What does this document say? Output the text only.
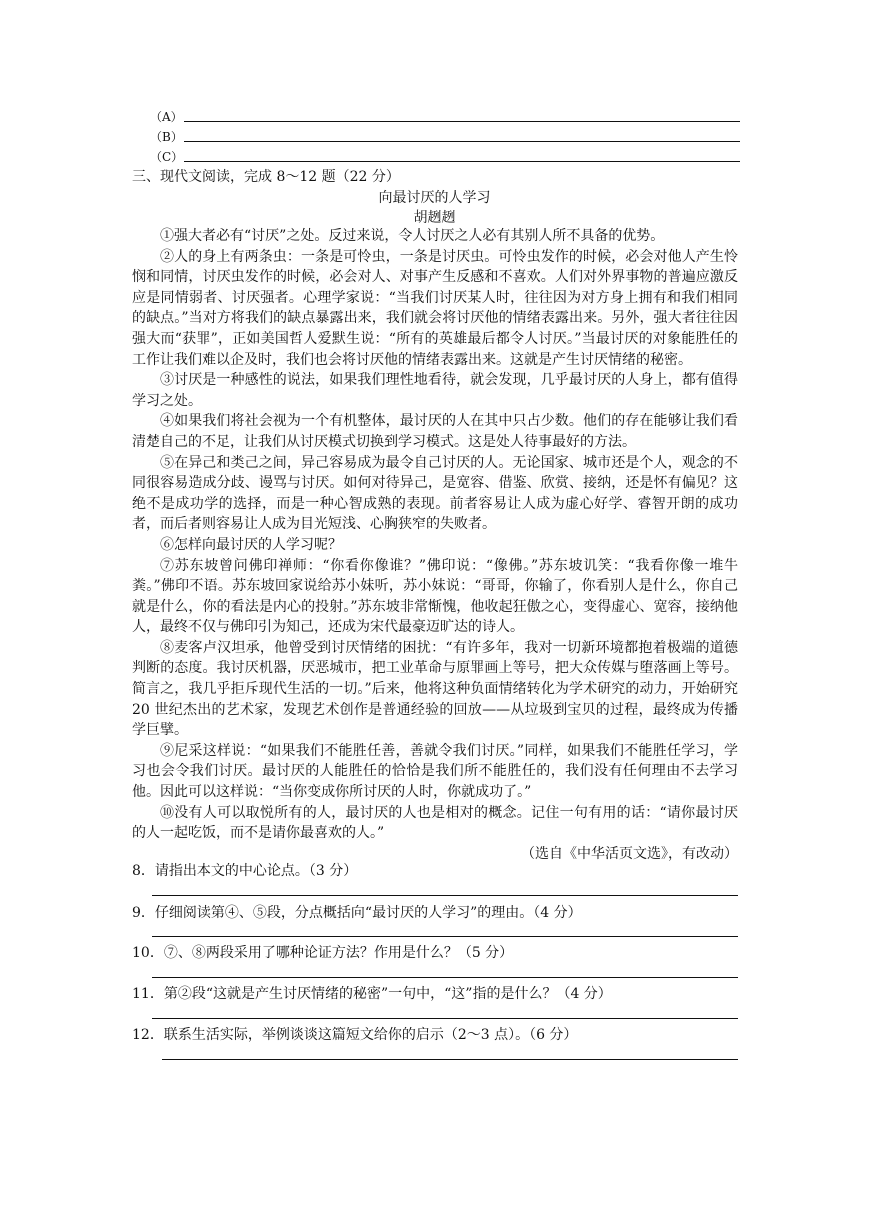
（A）
（B）
（C）
三、现代文阅读，完成 8～12 题（22 分）
向最讨厌的人学习
胡趔趔

①强大者必有“讨厌”之处。反过来说，令人讨厌之人必有其别人所不具备的优势。

②人的身上有两条虫：一条是可怜虫，一条是讨厌虫。可怜虫发作的时候，必会对他人产生怜悯和同情，讨厌虫发作的时候，必会对人、对事产生反感和不喜欢。人们对外界事物的普遍应激反应是同情弱者、讨厌强者。心理学家说：“当我们讨厌某人时，往往因为对方身上拥有和我们相同的缺点。”当对方将我们的缺点暴露出来，我们就会将讨厌他的情绪表露出来。另外，强大者往往因强大而“获罪”，正如美国哲人爱默生说：“所有的英雄最后都令人讨厌。”当最讨厌的对象能胜任的工作让我们难以企及时，我们也会将讨厌他的情绪表露出来。这就是产生讨厌情绪的秘密。

③讨厌是一种感性的说法，如果我们理性地看待，就会发现，几乎最讨厌的人身上，都有值得学习之处。

④如果我们将社会视为一个有机整体，最讨厌的人在其中只占少数。他们的存在能够让我们看清楚自己的不足，让我们从讨厌模式切换到学习模式。这是处人待事最好的方法。

⑤在异己和类己之间，异己容易成为最令自己讨厌的人。无论国家、城市还是个人，观念的不同很容易造成分歧、谩骂与讨厌。如何对待异己，是宽容、借鉴、欣赏、接纳，还是怀有偏见？这绝不是成功学的选择，而是一种心智成熟的表现。前者容易让人成为虚心好学、睿智开朗的成功者，而后者则容易让人成为目光短浅、心胸狭窄的失败者。

⑥怎样向最讨厌的人学习呢？

⑦苏东坡曾问佛印禅师：“你看你像谁？”佛印说：“像佛。”苏东坡讥笑：“我看你像一堆牛粪。”佛印不语。苏东坡回家说给苏小妹听，苏小妹说：“哥哥，你输了，你看别人是什么，你自己就是什么，你的看法是内心的投射。”苏东坡非常惭愧，他收起狂傲之心，变得虚心、宽容，接纳他人，最终不仅与佛印引为知己，还成为宋代最豪迈旷达的诗人。

⑧麦客卢汉坦承，他曾受到讨厌情绪的困扰：“有许多年，我对一切新环境都抱着极端的道德判断的态度。我讨厌机器，厌恶城市，把工业革命与原罪画上等号，把大众传媒与堕落画上等号。简言之，我几乎拒斥现代生活的一切。”后来，他将这种负面情绪转化为学术研究的动力，开始研究 20 世纪杰出的艺术家，发现艺术创作是普通经验的回放——从垃圾到宝贝的过程，最终成为传播学巨擘。

⑨尼采这样说：“如果我们不能胜任善，善就令我们讨厌。”同样，如果我们不能胜任学习，学习也会令我们讨厌。最讨厌的人能胜任的恰恰是我们所不能胜任的，我们没有任何理由不去学习他。因此可以这样说：“当你变成你所讨厌的人时，你就成功了。”

⑩没有人可以取悦所有的人，最讨厌的人也是相对的概念。记住一句有用的话：“请你最讨厌的人一起吃饭，而不是请你最喜欢的人。”

（选自《中华活页文选》，有改动）

8．请指出本文的中心论点。（3 分）
9．仔细阅读第④、⑤段，分点概括向“最讨厌的人学习”的理由。（4 分）
10．⑦、⑧两段采用了哪种论证方法？作用是什么？（5 分）
11．第②段“这就是产生讨厌情绪的秘密”一句中，“这”指的是什么？（4 分）
12．联系生活实际，举例谈谈这篇短文给你的启示（2～3 点）。（6 分）
